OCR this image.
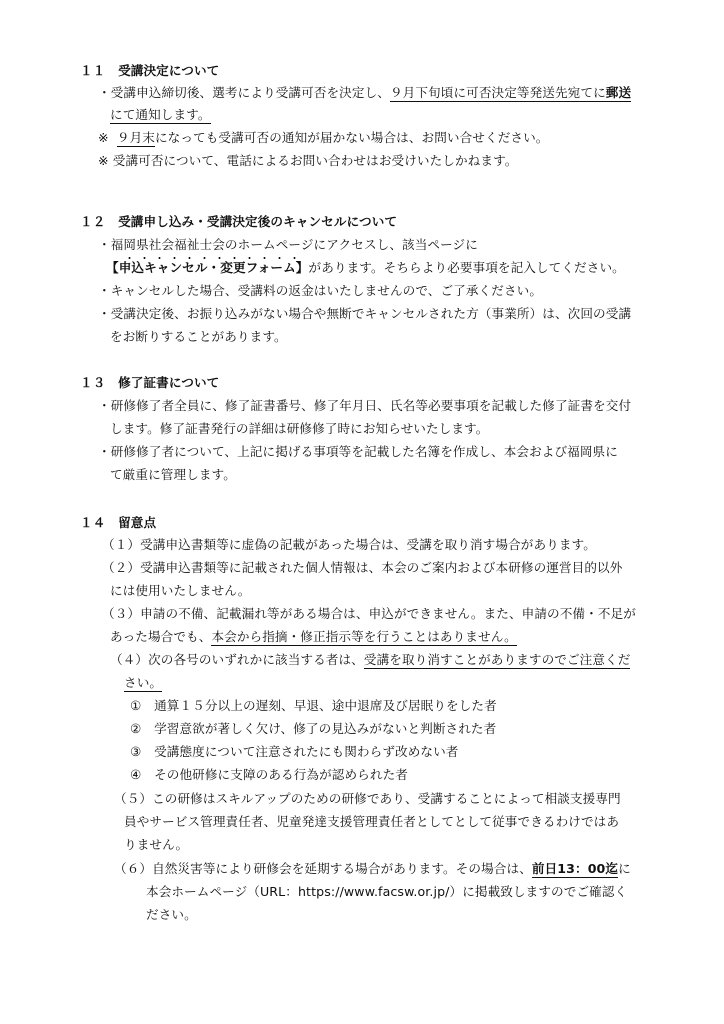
１１　受講決定について
・受講申込締切後、選考により受講可否を決定し、９月下旬頃に可否決定等発送先宛てに郵送
にて通知します。
※ ９月末になっても受講可否の通知が届かない場合は、お問い合せください。
※ 受講可否について、電話によるお問い合わせはお受けいたしかねます。
１２　受講申し込み・受講決定後のキャンセルについて
・福岡県社会福祉士会のホームページにアクセスし、該当ページに
【申込キャンセル・変更フォーム】があります。そちらより必要事項を記入してください。
・キャンセルした場合、受講料の返金はいたしませんので、ご了承ください。
・受講決定後、お振り込みがない場合や無断でキャンセルされた方（事業所）は、次回の受講
をお断りすることがあります。
１３　修了証書について
・研修修了者全員に、修了証書番号、修了年月日、氏名等必要事項を記載した修了証書を交付
します。修了証書発行の詳細は研修修了時にお知らせいたします。
・研修修了者について、上記に掲げる事項等を記載した名簿を作成し、本会および福岡県に
て厳重に管理します。
１４　留意点
（１）受講申込書類等に虚偽の記載があった場合は、受講を取り消す場合があります。
（２）受講申込書類等に記載された個人情報は、本会のご案内および本研修の運営目的以外
には使用いたしません。
（３）申請の不備、記載漏れ等がある場合は、申込ができません。また、申請の不備・不足が
あった場合でも、本会から指摘・修正指示等を行うことはありません。
（４）次の各号のいずれかに該当する者は、受講を取り消すことがありますのでご注意くだ
さい。
①　通算１５分以上の遅刻、早退、途中退席及び居眠りをした者
②　学習意欲が著しく欠け、修了の見込みがないと判断された者
③　受講態度について注意されたにも関わらず改めない者
④　その他研修に支障のある行為が認められた者
（５）この研修はスキルアップのための研修であり、受講することによって相談支援専門
員やサービス管理責任者、児童発達支援管理責任者としてとして従事できるわけではあ
りません。
（６）自然災害等により研修会を延期する場合があります。その場合は、前日13：00迄に
本会ホームページ（URL：https://www.facsw.or.jp/）に掲載致しますのでご確認く
ださい。
